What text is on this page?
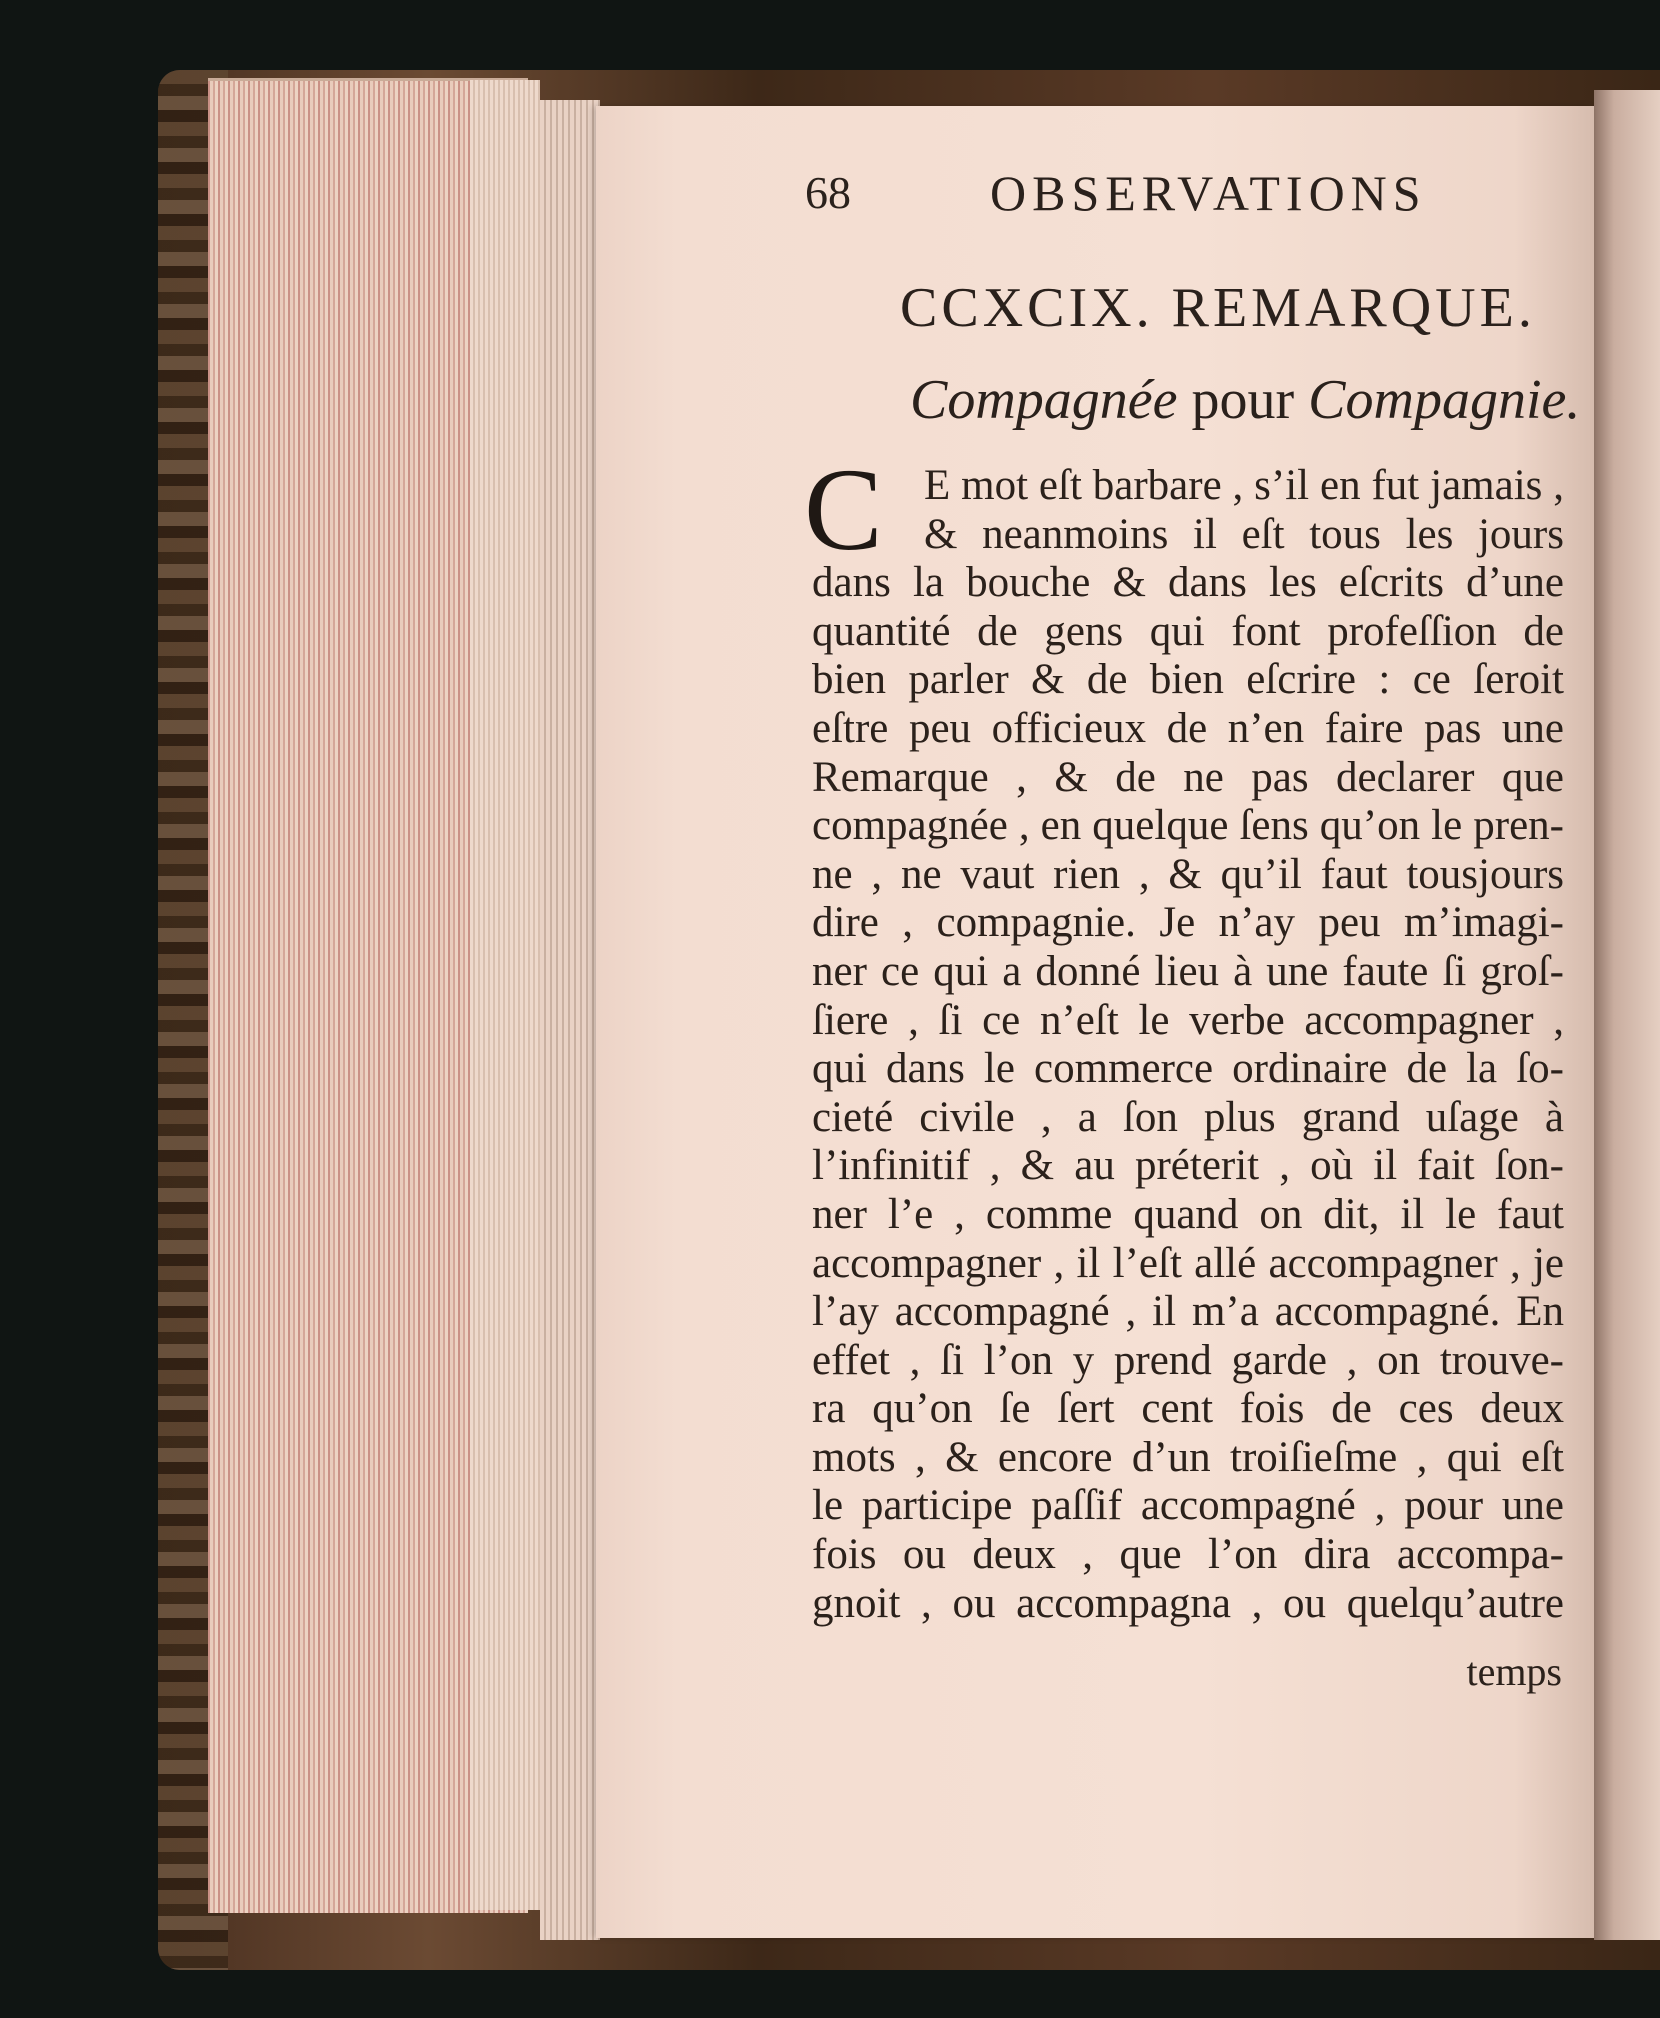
68	OBSERVATIONS
CCXCIX. REMARQUE.
Compagnée pour Compagnie.
C E mot eſt barbare , s’il en fut jamais ,
& neanmoins il eſt tous les jours
dans la bouche & dans les eſcrits d’une
quantité de gens qui font profeſſion de
bien parler & de bien eſcrire : ce ſeroit
eſtre peu officieux de n’en faire pas une
Remarque , & de ne pas declarer que
compagnée , en quelque ſens qu’on le pren-
ne , ne vaut rien , & qu’il faut tousjours
dire , compagnie. Je n’ay peu m’imagi-
ner ce qui a donné lieu à une faute ſi groſ-
ſiere , ſi ce n’eſt le verbe accompagner ,
qui dans le commerce ordinaire de la ſo-
cieté civile , a ſon plus grand uſage à
l’infinitif , & au préterit , où il fait ſon-
ner l’e , comme quand on dit, il le faut
accompagner , il l’eſt allé accompagner , je
l’ay accompagné , il m’a accompagné. En
effet , ſi l’on y prend garde , on trouve-
ra qu’on ſe ſert cent fois de ces deux
mots , & encore d’un troiſieſme , qui eſt
le participe paſſif accompagné , pour une
fois ou deux , que l’on dira accompa-
gnoit , ou accompagna , ou quelqu’autre
temps
